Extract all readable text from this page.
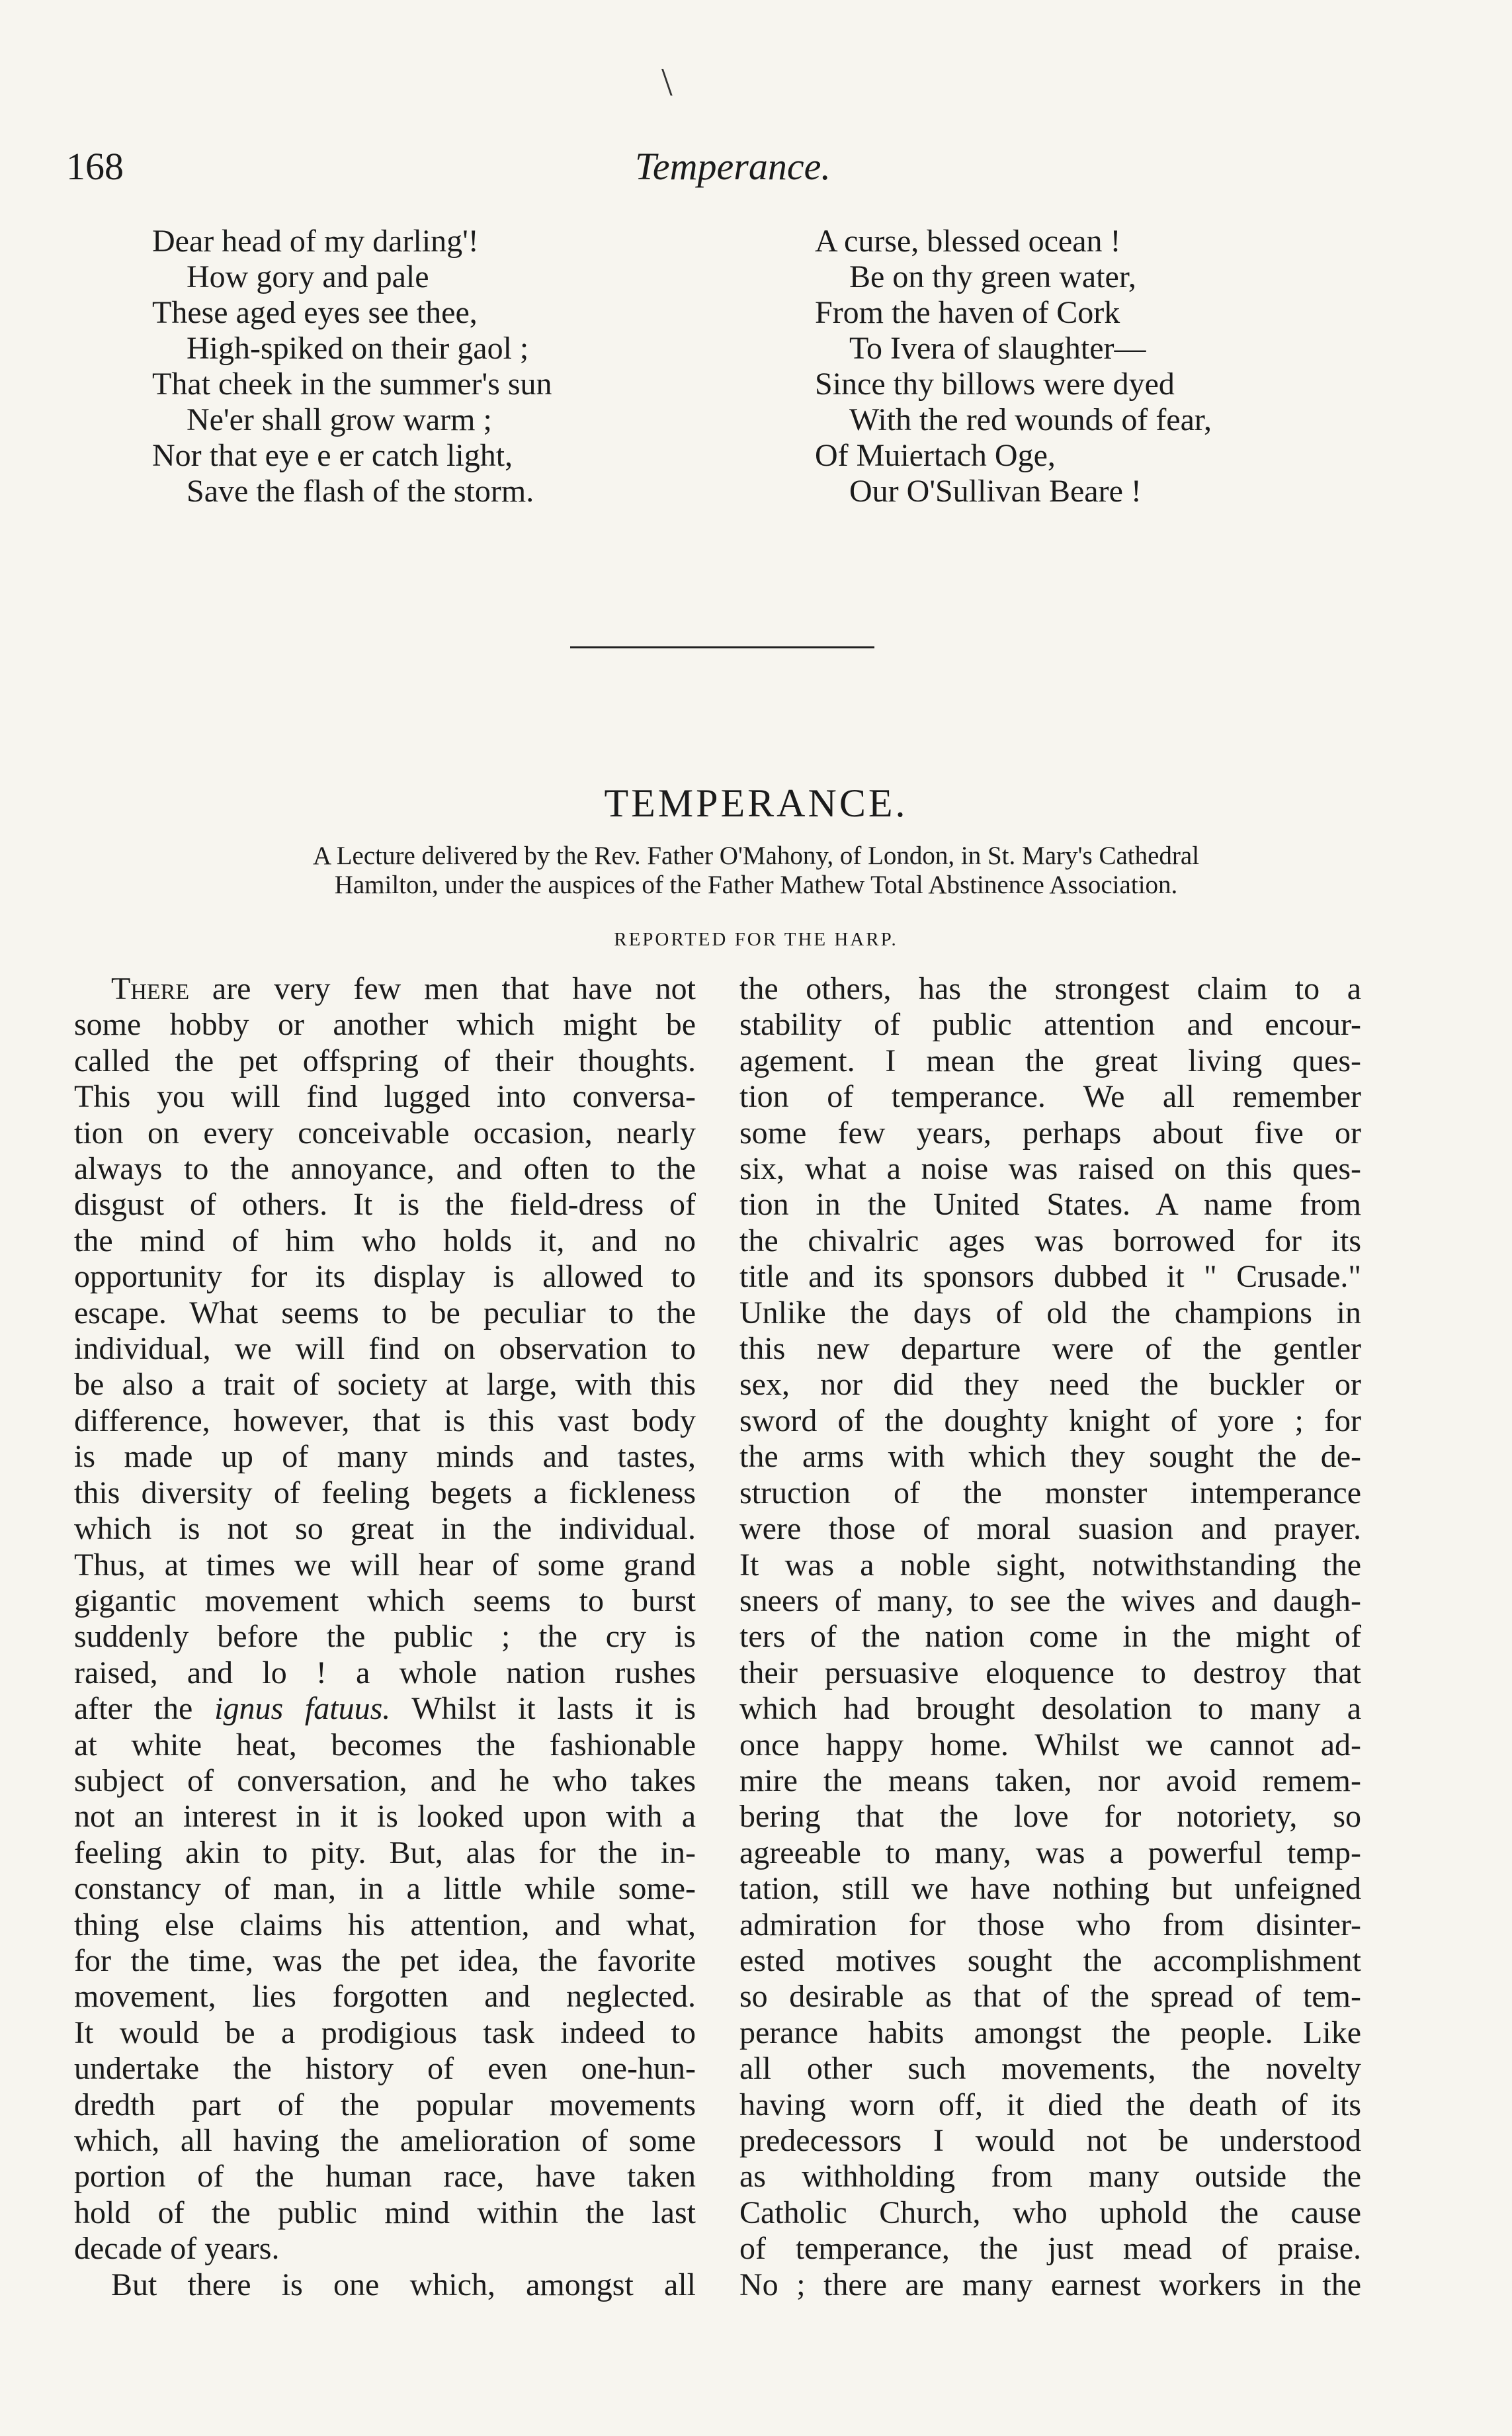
\
168	Temperance.
Dear head of my darling'!
How gory and pale
These aged eyes see thee,
High-spiked on their gaol ;
That cheek in the summer's sun
Ne'er shall grow warm ;
Nor that eye e er catch light,
Save the flash of the storm.
A curse, blessed ocean !
Be on thy green water,
From the haven of Cork
To Ivera of slaughter—
Since thy billows were dyed
With the red wounds of fear,
Of Muiertach Oge,
Our O'Sullivan Beare !
TEMPERANCE.
A Lecture delivered by the Rev. Father O'Mahony, of London, in St. Mary's Cathedral
Hamilton, under the auspices of the Father Mathew Total Abstinence Association.
REPORTED FOR THE HARP.
There are very few men that have not
some hobby or another which might be
called the pet offspring of their thoughts.
This you will find lugged into conversa-
tion on every conceivable occasion, nearly
always to the annoyance, and often to the
disgust of others. It is the field-dress of
the mind of him who holds it, and no
opportunity for its display is allowed to
escape. What seems to be peculiar to the
individual, we will find on observation to
be also a trait of society at large, with this
difference, however, that is this vast body
is made up of many minds and tastes,
this diversity of feeling begets a fickleness
which is not so great in the individual.
Thus, at times we will hear of some grand
gigantic movement which seems to burst
suddenly before the public ; the cry is
raised, and lo ! a whole nation rushes
after the ignus fatuus. Whilst it lasts it is
at white heat, becomes the fashionable
subject of conversation, and he who takes
not an interest in it is looked upon with a
feeling akin to pity. But, alas for the in-
constancy of man, in a little while some-
thing else claims his attention, and what,
for the time, was the pet idea, the favorite
movement, lies forgotten and neglected.
It would be a prodigious task indeed to
undertake the history of even one-hun-
dredth part of the popular movements
which, all having the amelioration of some
portion of the human race, have taken
hold of the public mind within the last
decade of years.
But there is one which, amongst all
the others, has the strongest claim to a
stability of public attention and encour-
agement. I mean the great living ques-
tion of temperance. We all remember
some few years, perhaps about five or
six, what a noise was raised on this ques-
tion in the United States. A name from
the chivalric ages was borrowed for its
title and its sponsors dubbed it " Crusade."
Unlike the days of old the champions in
this new departure were of the gentler
sex, nor did they need the buckler or
sword of the doughty knight of yore ; for
the arms with which they sought the de-
struction of the monster intemperance
were those of moral suasion and prayer.
It was a noble sight, notwithstanding the
sneers of many, to see the wives and daugh-
ters of the nation come in the might of
their persuasive eloquence to destroy that
which had brought desolation to many a
once happy home. Whilst we cannot ad-
mire the means taken, nor avoid remem-
bering that the love for notoriety, so
agreeable to many, was a powerful temp-
tation, still we have nothing but unfeigned
admiration for those who from disinter-
ested motives sought the accomplishment
so desirable as that of the spread of tem-
perance habits amongst the people. Like
all other such movements, the novelty
having worn off, it died the death of its
predecessors I would not be understood
as withholding from many outside the
Catholic Church, who uphold the cause
of temperance, the just mead of praise.
No ; there are many earnest workers in the
